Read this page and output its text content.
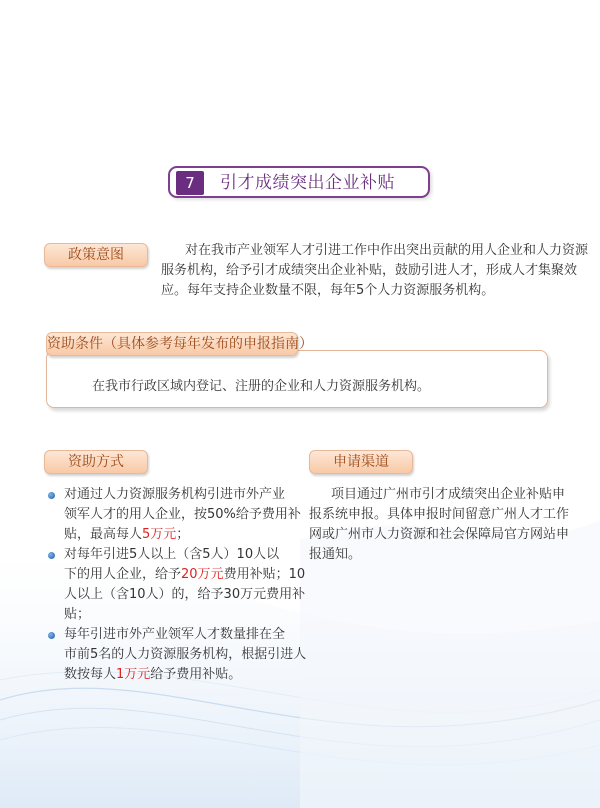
7	引才成绩突出企业补贴
政策意图	对在我市产业领军人才引进工作中作出突出贡献的用人企业和人力资源
服务机构，给予引才成绩突出企业补贴，鼓励引进人才，形成人才集聚效
应。每年支持企业数量不限，每年5个人力资源服务机构。
资助条件（具体参考每年发布的申报指南）
在我市行政区域内登记、注册的企业和人力资源服务机构。
资助方式
对通过人力资源服务机构引进市外产业
领军人才的用人企业，按50%给予费用补
贴，最高每人5万元；
对每年引进5人以上（含5人）10人以
下的用人企业，给予20万元费用补贴；10
人以上（含10人）的，给予30万元费用补
贴；
每年引进市外产业领军人才数量排在全
市前5名的人力资源服务机构，根据引进人
数按每人1万元给予费用补贴。
申请渠道
项目通过广州市引才成绩突出企业补贴申
报系统申报。具体申报时间留意广州人才工作
网或广州市人力资源和社会保障局官方网站申
报通知。
